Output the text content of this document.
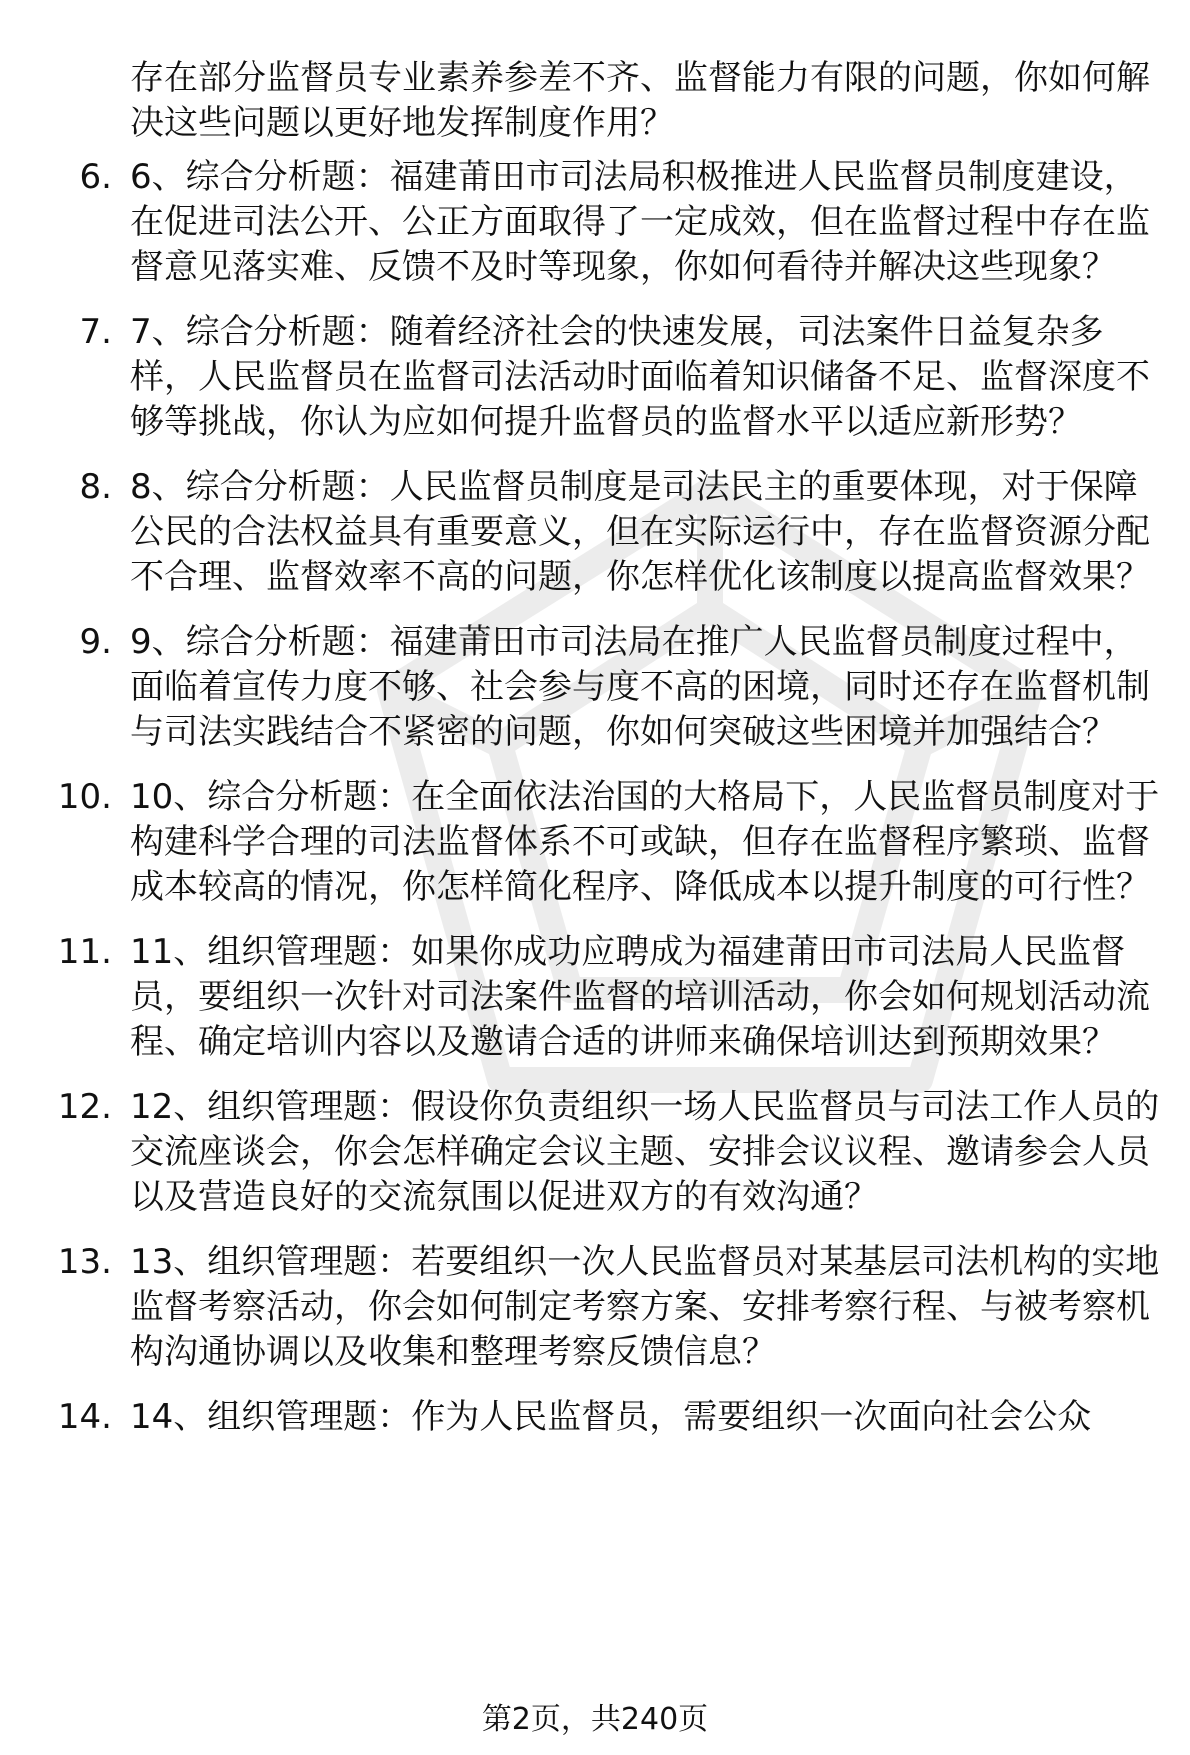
存在部分监督员专业素养参差不齐、监督能力有限的问题，你如何解决这些问题以更好地发挥制度作用？

6. 6、综合分析题：福建莆田市司法局积极推进人民监督员制度建设，在促进司法公开、公正方面取得了一定成效，但在监督过程中存在监督意见落实难、反馈不及时等现象，你如何看待并解决这些现象？
7. 7、综合分析题：随着经济社会的快速发展，司法案件日益复杂多样，人民监督员在监督司法活动时面临着知识储备不足、监督深度不够等挑战，你认为应如何提升监督员的监督水平以适应新形势？
8. 8、综合分析题：人民监督员制度是司法民主的重要体现，对于保障公民的合法权益具有重要意义，但在实际运行中，存在监督资源分配不合理、监督效率不高的问题，你怎样优化该制度以提高监督效果？
9. 9、综合分析题：福建莆田市司法局在推广人民监督员制度过程中，面临着宣传力度不够、社会参与度不高的困境，同时还存在监督机制与司法实践结合不紧密的问题，你如何突破这些困境并加强结合？
10. 10、综合分析题：在全面依法治国的大格局下，人民监督员制度对于构建科学合理的司法监督体系不可或缺，但存在监督程序繁琐、监督成本较高的情况，你怎样简化程序、降低成本以提升制度的可行性？
11. 11、组织管理题：如果你成功应聘成为福建莆田市司法局人民监督员，要组织一次针对司法案件监督的培训活动，你会如何规划活动流程、确定培训内容以及邀请合适的讲师来确保培训达到预期效果？
12. 12、组织管理题：假设你负责组织一场人民监督员与司法工作人员的交流座谈会，你会怎样确定会议主题、安排会议议程、邀请参会人员以及营造良好的交流氛围以促进双方的有效沟通？
13. 13、组织管理题：若要组织一次人民监督员对某基层司法机构的实地监督考察活动，你会如何制定考察方案、安排考察行程、与被考察机构沟通协调以及收集和整理考察反馈信息？
14. 14、组织管理题：作为人民监督员，需要组织一次面向社会公众
第2页，共240页
